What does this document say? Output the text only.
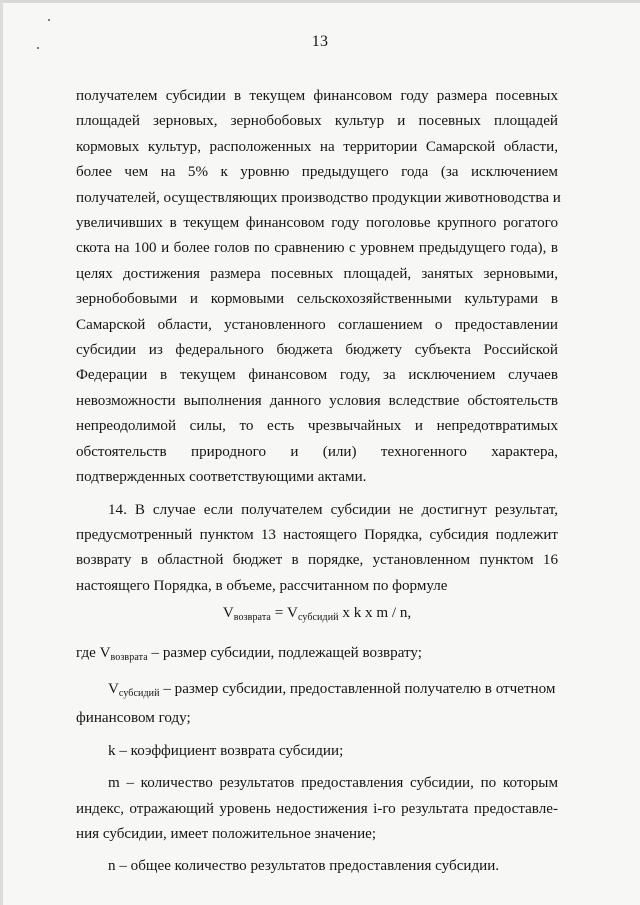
13
получателем субсидии в текущем финансовом году размера посевных
площадей зерновых, зернобобовых культур и посевных площадей
кормовых культур, расположенных на территории Самарской области,
более чем на 5% к уровню предыдущего года (за исключением
получателей, осуществляющих производство продукции животноводства и
увеличивших в текущем финансовом году поголовье крупного рогатого
скота на 100 и более голов по сравнению с уровнем предыдущего года), в
целях достижения размера посевных площадей, занятых зерновыми,
зернобобовыми и кормовыми сельскохозяйственными культурами в
Самарской области, установленного соглашением о предоставлении
субсидии из федерального бюджета бюджету субъекта Российской
Федерации в текущем финансовом году, за исключением случаев
невозможности выполнения данного условия вследствие обстоятельств
непреодолимой силы, то есть чрезвычайных и непредотвратимых
обстоятельств природного и (или) техногенного характера,
подтвержденных соответствующими актами.
14. В случае если получателем субсидии не достигнут результат,
предусмотренный пунктом 13 настоящего Порядка, субсидия подлежит
возврату в областной бюджет в порядке, установленном пунктом 16
настоящего Порядка, в объеме, рассчитанном по формуле
$V_{возврата} = V_{субсидий}$ x k x m / n,
где $V_{возврата}$ – размер субсидии, подлежащей возврату;
$V_{субсидий}$ – размер субсидии, предоставленной получателю в отчетном
финансовом году;
k – коэффициент возврата субсидии;
m – количество результатов предоставления субсидии, по которым
индекс, отражающий уровень недостижения i-го результата предоставле-
ния субсидии, имеет положительное значение;
n – общее количество результатов предоставления субсидии.
